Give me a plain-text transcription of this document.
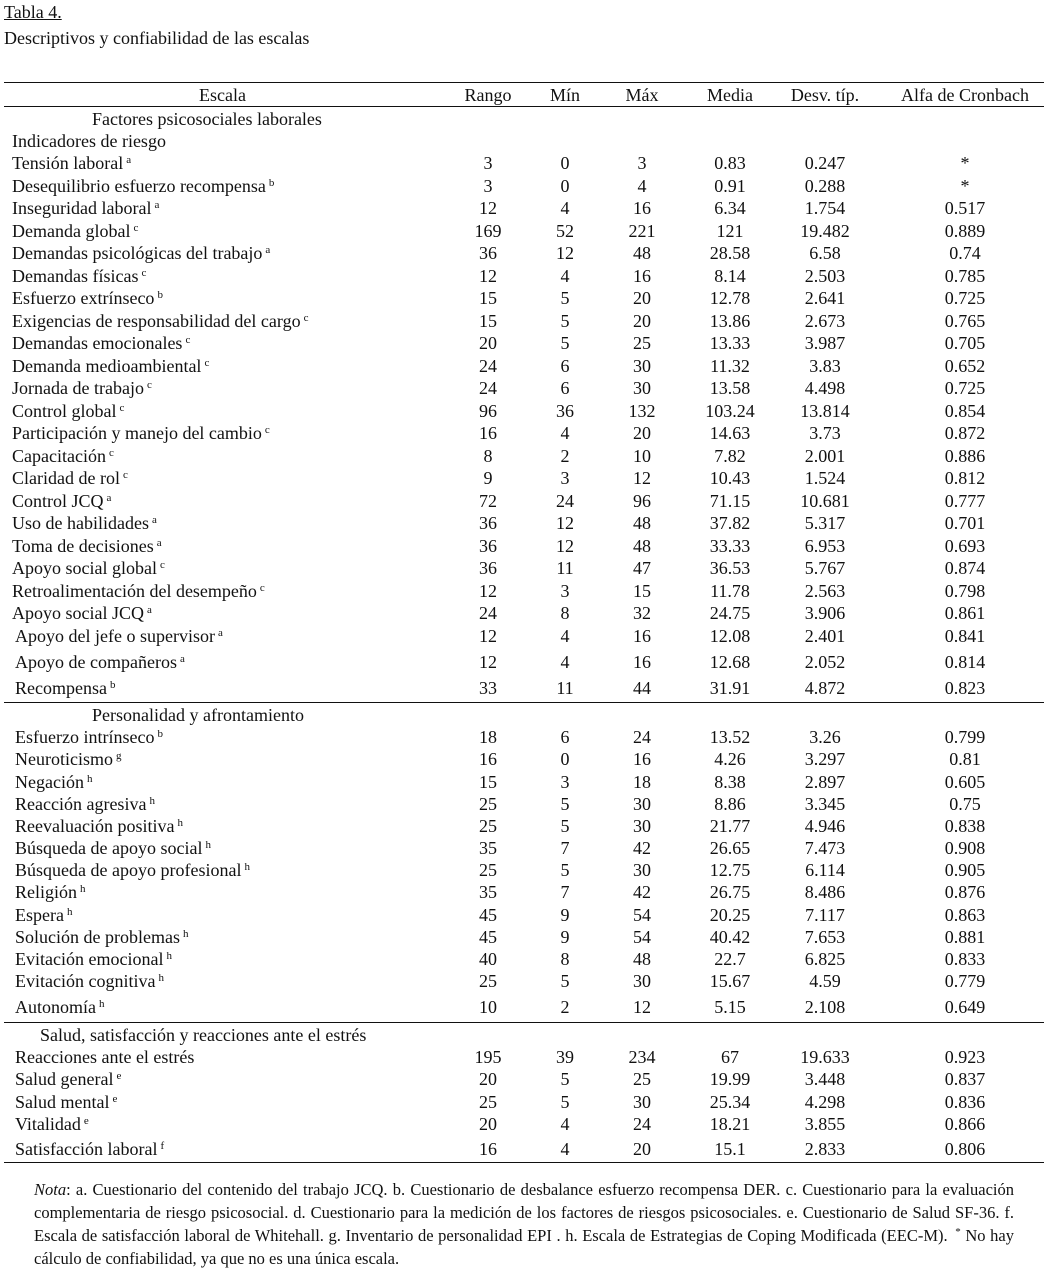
Tabla 4.
Descriptivos y confiabilidad de las escalas
Escala	Rango	Mín	Máx	Media	Desv. típ.	Alfa de Cronbach
Factores psicosociales laborales
Indicadores de riesgo
Tensión laboral $^a$	3	0	3	0.83	0.247	*
Desequilibrio esfuerzo recompensa $^b$	3	0	4	0.91	0.288	*
Inseguridad laboral $^a$	12	4	16	6.34	1.754	0.517
Demanda global $^c$	169	52	221	121	19.482	0.889
Demandas psicológicas del trabajo $^a$	36	12	48	28.58	6.58	0.74
Demandas físicas $^c$	12	4	16	8.14	2.503	0.785
Esfuerzo extrínseco $^b$	15	5	20	12.78	2.641	0.725
Exigencias de responsabilidad del cargo $^c$	15	5	20	13.86	2.673	0.765
Demandas emocionales $^c$	20	5	25	13.33	3.987	0.705
Demanda medioambiental $^c$	24	6	30	11.32	3.83	0.652
Jornada de trabajo $^c$	24	6	30	13.58	4.498	0.725
Control global $^c$	96	36	132	103.24	13.814	0.854
Participación y manejo del cambio $^c$	16	4	20	14.63	3.73	0.872
Capacitación $^c$	8	2	10	7.82	2.001	0.886
Claridad de rol $^c$	9	3	12	10.43	1.524	0.812
Control JCQ $^a$	72	24	96	71.15	10.681	0.777
Uso de habilidades $^a$	36	12	48	37.82	5.317	0.701
Toma de decisiones $^a$	36	12	48	33.33	6.953	0.693
Apoyo social global $^c$	36	11	47	36.53	5.767	0.874
Retroalimentación del desempeño $^c$	12	3	15	11.78	2.563	0.798
Apoyo social JCQ $^a$	24	8	32	24.75	3.906	0.861
Apoyo del jefe o supervisor $^a$	12	4	16	12.08	2.401	0.841
Apoyo de compañeros $^a$	12	4	16	12.68	2.052	0.814
Recompensa $^b$	33	11	44	31.91	4.872	0.823
Personalidad y afrontamiento
Esfuerzo intrínseco $^b$	18	6	24	13.52	3.26	0.799
Neuroticismo $^g$	16	0	16	4.26	3.297	0.81
Negación $^h$	15	3	18	8.38	2.897	0.605
Reacción agresiva $^h$	25	5	30	8.86	3.345	0.75
Reevaluación positiva $^h$	25	5	30	21.77	4.946	0.838
Búsqueda de apoyo social $^h$	35	7	42	26.65	7.473	0.908
Búsqueda de apoyo profesional $^h$	25	5	30	12.75	6.114	0.905
Religión $^h$	35	7	42	26.75	8.486	0.876
Espera $^h$	45	9	54	20.25	7.117	0.863
Solución de problemas $^h$	45	9	54	40.42	7.653	0.881
Evitación emocional $^h$	40	8	48	22.7	6.825	0.833
Evitación cognitiva $^h$	25	5	30	15.67	4.59	0.779
Autonomía $^h$	10	2	12	5.15	2.108	0.649
Salud, satisfacción y reacciones ante el estrés
Reacciones ante el estrés	195	39	234	67	19.633	0.923
Salud general $^e$	20	5	25	19.99	3.448	0.837
Salud mental $^e$	25	5	30	25.34	4.298	0.836
Vitalidad $^e$	20	4	24	18.21	3.855	0.866
Satisfacción laboral $^f$	16	4	20	15.1	2.833	0.806
Nota: a. Cuestionario del contenido del trabajo JCQ. b. Cuestionario de desbalance esfuerzo recompensa DER. c. Cuestionario para la evaluación complementaria de riesgo psicosocial. d. Cuestionario para la medición de los factores de riesgos psicosociales. e. Cuestionario de Salud SF-36. f. Escala de satisfacción laboral de Whitehall. g. Inventario de personalidad EPI . h. Escala de Estrategias de Coping Modificada (EEC-M). * No hay cálculo de confiabilidad, ya que no es una única escala.
